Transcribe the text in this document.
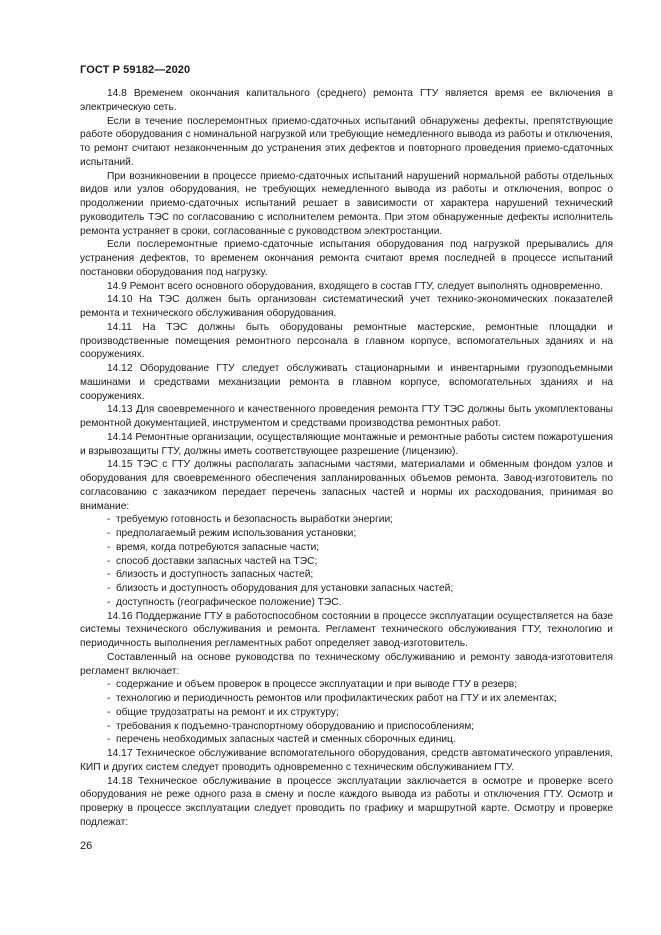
ГОСТ Р 59182—2020

14.8 Временем окончания капитального (среднего) ремонта ГТУ является время ее включения в электрическую сеть.

Если в течение послеремонтных приемо-сдаточных испытаний обнаружены дефекты, препятствующие работе оборудования с номинальной нагрузкой или требующие немедленного вывода из работы и отключения, то ремонт считают незаконченным до устранения этих дефектов и повторного проведения приемо-сдаточных испытаний.

При возникновении в процессе приемо-сдаточных испытаний нарушений нормальной работы отдельных видов или узлов оборудования, не требующих немедленного вывода из работы и отключения, вопрос о продолжении приемо-сдаточных испытаний решает в зависимости от характера нарушений технический руководитель ТЭС по согласованию с исполнителем ремонта. При этом обнаруженные дефекты исполнитель ремонта устраняет в сроки, согласованные с руководством электростанции.

Если послеремонтные приемо-сдаточные испытания оборудования под нагрузкой прерывались для устранения дефектов, то временем окончания ремонта считают время последней в процессе испытаний постановки оборудования под нагрузку.

14.9 Ремонт всего основного оборудования, входящего в состав ГТУ, следует выполнять одновременно.

14.10 На ТЭС должен быть организован систематический учет технико-экономических показателей ремонта и технического обслуживания оборудования.

14.11 На ТЭС должны быть оборудованы ремонтные мастерские, ремонтные площадки и производственные помещения ремонтного персонала в главном корпусе, вспомогательных зданиях и на сооружениях.

14.12 Оборудование ГТУ следует обслуживать стационарными и инвентарными грузоподъемными машинами и средствами механизации ремонта в главном корпусе, вспомогательных зданиях и на сооружениях.

14.13 Для своевременного и качественного проведения ремонта ГТУ ТЭС должны быть укомплектованы ремонтной документацией, инструментом и средствами производства ремонтных работ.

14.14 Ремонтные организации, осуществляющие монтажные и ремонтные работы систем пожаротушения и взрывозащиты ГТУ, должны иметь соответствующее разрешение (лицензию).

14.15 ТЭС с ГТУ должны располагать запасными частями, материалами и обменным фондом узлов и оборудования для своевременного обеспечения запланированных объемов ремонта. Завод-изготовитель по согласованию с заказчиком передает перечень запасных частей и нормы их расходования, принимая во внимание:

- требуемую готовность и безопасность выработки энергии;
- предполагаемый режим использования установки;
- время, когда потребуются запасные части;
- способ доставки запасных частей на ТЭС;
- близость и доступность запасных частей;
- близость и доступность оборудования для установки запасных частей;
- доступность (географическое положение) ТЭС.

14.16 Поддержание ГТУ в работоспособном состоянии в процессе эксплуатации осуществляется на базе системы технического обслуживания и ремонта. Регламент технического обслуживания ГТУ, технологию и периодичность выполнения регламентных работ определяет завод-изготовитель.

Составленный на основе руководства по техническому обслуживанию и ремонту завода-изготовителя регламент включает:

- содержание и объем проверок в процессе эксплуатации и при выводе ГТУ в резерв;
- технологию и периодичность ремонтов или профилактических работ на ГТУ и их элементах;
- общие трудозатраты на ремонт и их структуру;
- требования к подъемно-транспортному оборудованию и приспособлениям;
- перечень необходимых запасных частей и сменных сборочных единиц.

14.17 Техническое обслуживание вспомогательного оборудования, средств автоматического управления, КИП и других систем следует проводить одновременно с техническим обслуживанием ГТУ.

14.18 Техническое обслуживание в процессе эксплуатации заключается в осмотре и проверке всего оборудования не реже одного раза в смену и после каждого вывода из работы и отключения ГТУ. Осмотр и проверку в процессе эксплуатации следует проводить по графику и маршрутной карте. Осмотру и проверке подлежат:

26
